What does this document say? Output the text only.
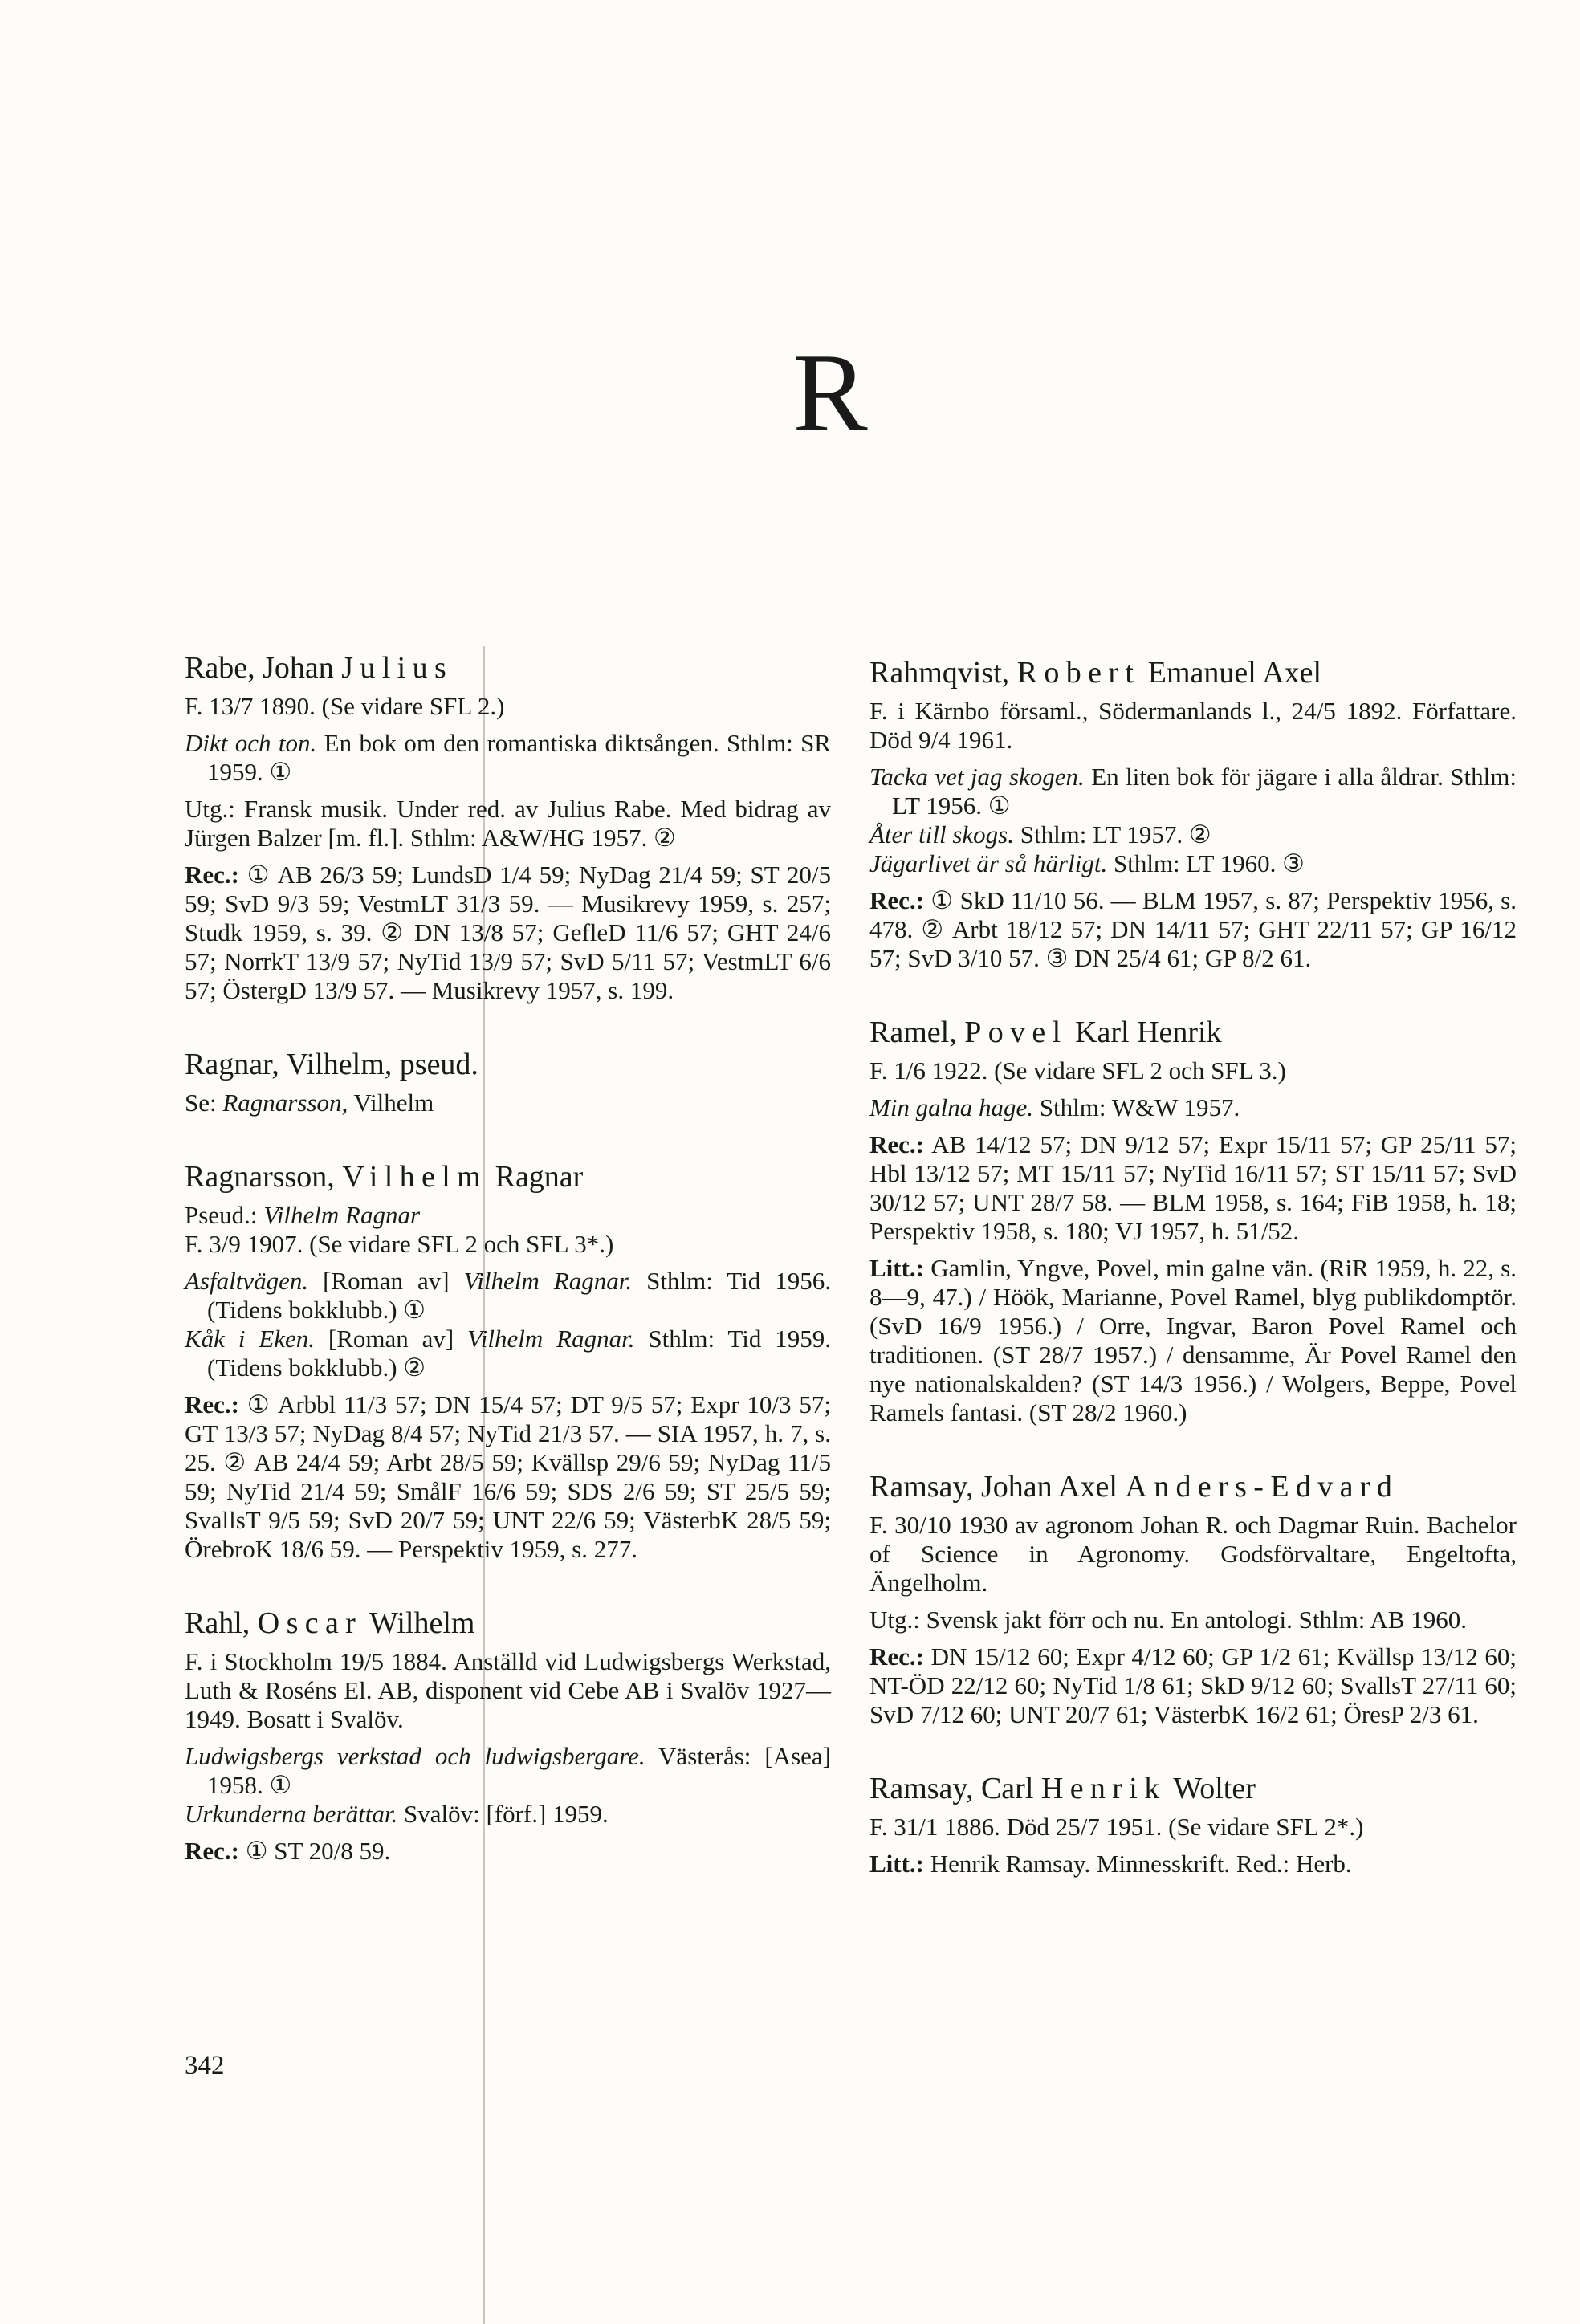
R
Rabe, Johan Julius

F. 13/7 1890. (Se vidare SFL 2.)

Dikt och ton. En bok om den romantiska diktsången. Sthlm: SR 1959. ①

Utg.: Fransk musik. Under red. av Julius Rabe. Med bidrag av Jürgen Balzer [m. fl.]. Sthlm: A&W/HG 1957. ②

Rec.: ① AB 26/3 59; LundsD 1/4 59; NyDag 21/4 59; ST 20/5 59; SvD 9/3 59; VestmLT 31/3 59. — Musikrevy 1959, s. 257; Studk 1959, s. 39. ② DN 13/8 57; GefleD 11/6 57; GHT 24/6 57; NorrkT 13/9 57; NyTid 13/9 57; SvD 5/11 57; VestmLT 6/6 57; ÖstergD 13/9 57. — Musikrevy 1957, s. 199.

Ragnar, Vilhelm, pseud.

Se: Ragnarsson, Vilhelm

Ragnarsson, Vilhelm Ragnar

Pseud.: Vilhelm Ragnar

F. 3/9 1907. (Se vidare SFL 2 och SFL 3*.)

Asfaltvägen. [Roman av] Vilhelm Ragnar. Sthlm: Tid 1956. (Tidens bokklubb.) ①

Kåk i Eken. [Roman av] Vilhelm Ragnar. Sthlm: Tid 1959. (Tidens bokklubb.) ②

Rec.: ① Arbbl 11/3 57; DN 15/4 57; DT 9/5 57; Expr 10/3 57; GT 13/3 57; NyDag 8/4 57; NyTid 21/3 57. — SIA 1957, h. 7, s. 25. ② AB 24/4 59; Arbt 28/5 59; Kvällsp 29/6 59; NyDag 11/5 59; NyTid 21/4 59; SmålF 16/6 59; SDS 2/6 59; ST 25/5 59; SvallsT 9/5 59; SvD 20/7 59; UNT 22/6 59; VästerbK 28/5 59; ÖrebroK 18/6 59. — Perspektiv 1959, s. 277.

Rahl, Oscar Wilhelm

F. i Stockholm 19/5 1884. Anställd vid Ludwigsbergs Werkstad, Luth & Roséns El. AB, disponent vid Cebe AB i Svalöv 1927—1949. Bosatt i Svalöv.

Ludwigsbergs verkstad och ludwigsbergare. Västerås: [Asea] 1958. ①

Urkunderna berättar. Svalöv: [förf.] 1959.

Rec.: ① ST 20/8 59.

Rahmqvist, Robert Emanuel Axel

F. i Kärnbo församl., Södermanlands l., 24/5 1892. Författare. Död 9/4 1961.

Tacka vet jag skogen. En liten bok för jägare i alla åldrar. Sthlm: LT 1956. ①

Åter till skogs. Sthlm: LT 1957. ②

Jägarlivet är så härligt. Sthlm: LT 1960. ③

Rec.: ① SkD 11/10 56. — BLM 1957, s. 87; Perspektiv 1956, s. 478. ② Arbt 18/12 57; DN 14/11 57; GHT 22/11 57; GP 16/12 57; SvD 3/10 57. ③ DN 25/4 61; GP 8/2 61.

Ramel, Povel Karl Henrik

F. 1/6 1922. (Se vidare SFL 2 och SFL 3.)

Min galna hage. Sthlm: W&W 1957.

Rec.: AB 14/12 57; DN 9/12 57; Expr 15/11 57; GP 25/11 57; Hbl 13/12 57; MT 15/11 57; NyTid 16/11 57; ST 15/11 57; SvD 30/12 57; UNT 28/7 58. — BLM 1958, s. 164; FiB 1958, h. 18; Perspektiv 1958, s. 180; VJ 1957, h. 51/52.

Litt.: Gamlin, Yngve, Povel, min galne vän. (RiR 1959, h. 22, s. 8—9, 47.) / Höök, Marianne, Povel Ramel, blyg publikdomptör. (SvD 16/9 1956.) / Orre, Ingvar, Baron Povel Ramel och traditionen. (ST 28/7 1957.) / densamme, Är Povel Ramel den nye nationalskalden? (ST 14/3 1956.) / Wolgers, Beppe, Povel Ramels fantasi. (ST 28/2 1960.)

Ramsay, Johan Axel Anders-Edvard

F. 30/10 1930 av agronom Johan R. och Dagmar Ruin. Bachelor of Science in Agronomy. Godsförvaltare, Engeltofta, Ängelholm.

Utg.: Svensk jakt förr och nu. En antologi. Sthlm: AB 1960.

Rec.: DN 15/12 60; Expr 4/12 60; GP 1/2 61; Kvällsp 13/12 60; NT-ÖD 22/12 60; NyTid 1/8 61; SkD 9/12 60; SvallsT 27/11 60; SvD 7/12 60; UNT 20/7 61; VästerbK 16/2 61; ÖresP 2/3 61.

Ramsay, Carl Henrik Wolter

F. 31/1 1886. Död 25/7 1951. (Se vidare SFL 2*.)

Litt.: Henrik Ramsay. Minnesskrift. Red.: Herb.

342
